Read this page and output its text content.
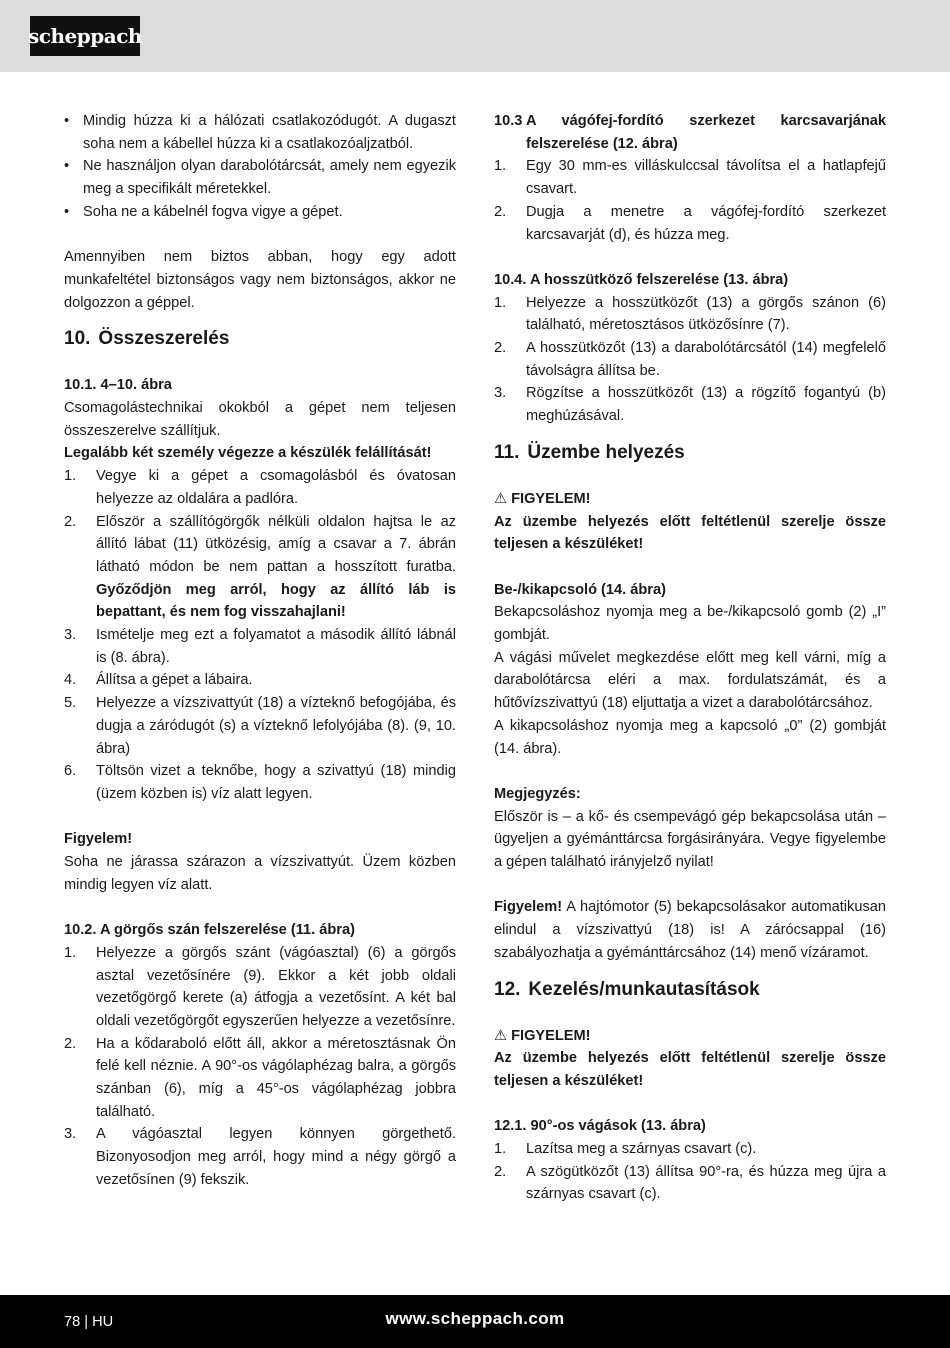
scheppach
• Mindig húzza ki a hálózati csatlakozódugót. A dugaszt soha nem a kábellel húzza ki a csatlakozóaljzatból.
• Ne használjon olyan darabolótárcsát, amely nem egyezik meg a specifikált méretekkel.
• Soha ne a kábelnél fogva vigye a gépet.

Amennyiben nem biztos abban, hogy egy adott munkafeltétel biztonságos vagy nem biztonságos, akkor ne dolgozzon a géppel.

10. Összeszerelés

10.1. 4–10. ábra

Csomagolástechnikai okokból a gépet nem teljesen összeszerelve szállítjuk.

Legalább két személy végezze a készülék felállítását!

1.	Vegye ki a gépet a csomagolásból és óvatosan helyezze az oldalára a padlóra.
2.	Először a szállítógörgők nélküli oldalon hajtsa le az állító lábat (11) ütközésig, amíg a csavar a 7. ábrán látható módon be nem pattan a hosszított furatba. Győződjön meg arról, hogy az állító láb is bepattant, és nem fog visszahajlani!
3.	Ismételje meg ezt a folyamatot a második állító lábnál is (8. ábra).
4.	Állítsa a gépet a lábaira.
5.	Helyezze a vízszivattyút (18) a vízteknő befogójába, és dugja a záródugót (s) a vízteknő lefolyójába (8). (9, 10. ábra)
6.	Töltsön vizet a teknőbe, hogy a szivattyú (18) mindig (üzem közben is) víz alatt legyen.

Figyelem!

Soha ne járassa szárazon a vízszivattyút. Üzem közben mindig legyen víz alatt.

10.2. A görgős szán felszerelése (11. ábra)

1.	Helyezze a görgős szánt (vágóasztal) (6) a görgős asztal vezetősínére (9). Ekkor a két jobb oldali vezetőgörgő kerete (a) átfogja a vezetősínt. A két bal oldali vezetőgörgőt egyszerűen helyezze a vezetősínre.
2.	Ha a kődaraboló előtt áll, akkor a méretosztásnak Ön felé kell néznie. A 90°-os vágólaphézag balra, a görgős szánban (6), míg a 45°-os vágólaphézag jobbra található.
3.	A vágóasztal legyen könnyen görgethető. Bizonyosodjon meg arról, hogy mind a négy görgő a vezetősínen (9) fekszik.
10.3 A vágófej-fordító szerkezet karcsavarjának felszerelése (12. ábra)
1.	Egy 30 mm-es villáskulccsal távolítsa el a hatlapfejű csavart.
2.	Dugja a menetre a vágófej-fordító szerkezet karcsavarját (d), és húzza meg.

10.4. A hosszütköző felszerelése (13. ábra)

1.	Helyezze a hosszütközőt (13) a görgős szánon (6) található, méretosztásos ütközősínre (7).
2.	A hosszütközőt (13) a darabolótárcsától (14) megfelelő távolságra állítsa be.
3.	Rögzítse a hosszütközőt (13) a rögzítő fogantyú (b) meghúzásával.
11. Üzembe helyezés

⚠ FIGYELEM!

Az üzembe helyezés előtt feltétlenül szerelje össze teljesen a készüléket!

Be-/kikapcsoló (14. ábra)

Bekapcsoláshoz nyomja meg a be-/kikapcsoló gomb (2) „I” gombját.

A vágási művelet megkezdése előtt meg kell várni, míg a darabolótárcsa eléri a max. fordulatszámát, és a hűtővízszivattyú (18) eljuttatja a vizet a darabolótárcsához.

A kikapcsoláshoz nyomja meg a kapcsoló „0” (2) gombját (14. ábra).

Megjegyzés:

Először is – a kő- és csempevágó gép bekapcsolása után – ügyeljen a gyémánttárcsa forgásirányára. Vegye figyelembe a gépen található irányjelző nyilat!

Figyelem! A hajtómotor (5) bekapcsolásakor automatikusan elindul a vízszivattyú (18) is! A zárócsappal (16) szabályozhatja a gyémánttárcsához (14) menő vízáramot.

12. Kezelés/munkautasítások

⚠ FIGYELEM!

Az üzembe helyezés előtt feltétlenül szerelje össze teljesen a készüléket!

12.1. 90°-os vágások (13. ábra)

1.	Lazítsa meg a szárnyas csavart (c).
2.	A szögütközőt (13) állítsa 90°-ra, és húzza meg újra a szárnyas csavart (c).
78 | HU	www.scheppach.com
